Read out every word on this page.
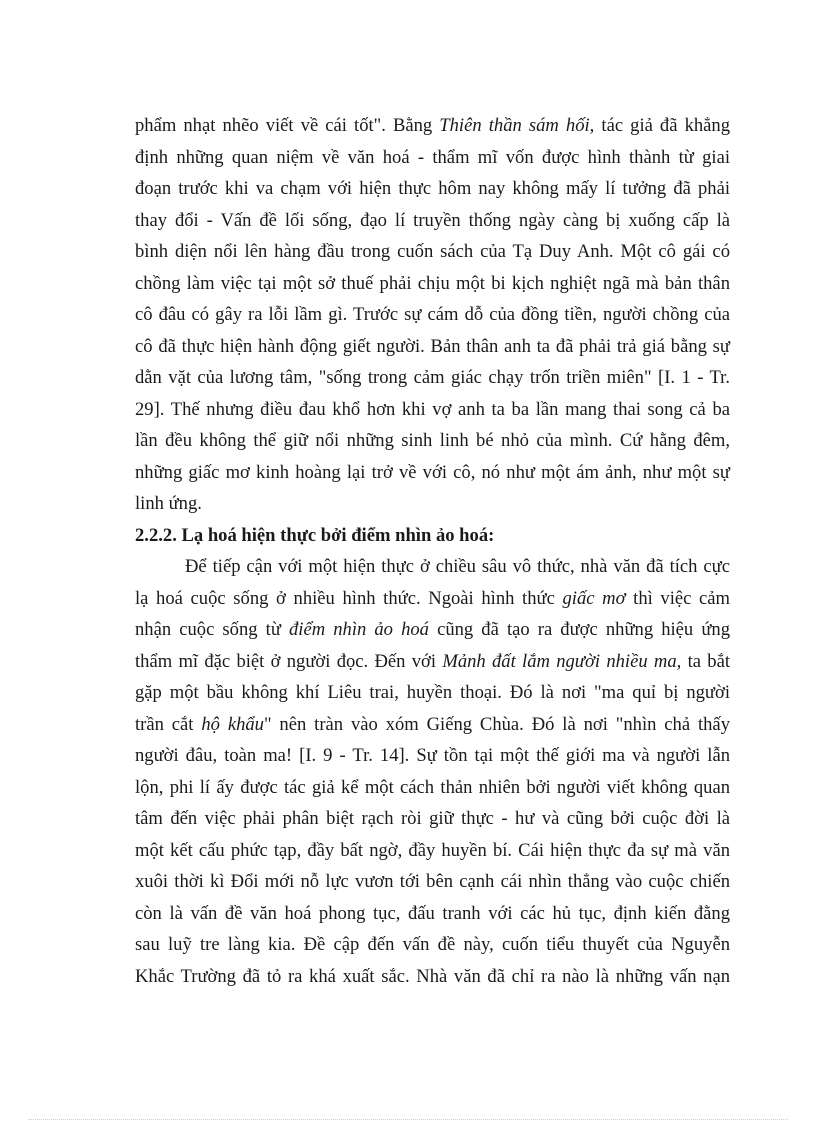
phẩm nhạt nhẽo viết về cái tốt". Bằng Thiên thần sám hối, tác giả đã khẳng
định những quan niệm về văn hoá - thẩm mĩ vốn được hình thành từ giai
đoạn trước khi va chạm với hiện thực hôm nay không mấy lí tưởng đã phải
thay đổi - Vấn đề lối sống, đạo lí truyền thống ngày càng bị xuống cấp là
bình diện nổi lên hàng đầu trong cuốn sách của Tạ Duy Anh. Một cô gái có
chồng làm việc tại một sở thuế phải chịu một bi kịch nghiệt ngã mà bản thân
cô đâu có gây ra lỗi lầm gì. Trước sự cám dỗ của đồng tiền, người chồng của
cô đã thực hiện hành động giết người. Bản thân anh ta đã phải trả giá bằng sự
dằn vặt của lương tâm, "sống trong cảm giác chạy trốn triền miên" [I. 1 - Tr.
29]. Thế nhưng điều đau khổ hơn khi vợ anh ta ba lần mang thai song cả ba
lần đều không thể giữ nổi những sinh linh bé nhỏ của mình. Cứ hằng đêm,
những giấc mơ kinh hoàng lại trở về với cô, nó như một ám ảnh, như một sự
linh ứng.
2.2.2. Lạ hoá hiện thực bởi điểm nhìn ảo hoá:
Để tiếp cận với một hiện thực ở chiều sâu vô thức, nhà văn đã tích cực
lạ hoá cuộc sống ở nhiều hình thức. Ngoài hình thức giấc mơ thì việc cảm
nhận cuộc sống từ điểm nhìn ảo hoá cũng đã tạo ra được những hiệu ứng
thẩm mĩ đặc biệt ở người đọc. Đến với Mảnh đất lắm người nhiều ma, ta bắt
gặp một bầu không khí Liêu trai, huyền thoại. Đó là nơi "ma quỉ bị người
trần cắt hộ khẩu" nên tràn vào xóm Giếng Chùa. Đó là nơi "nhìn chả thấy
người đâu, toàn ma! [I. 9 - Tr. 14]. Sự tồn tại một thế giới ma và người lẫn
lộn, phi lí ấy được tác giả kể một cách thản nhiên bởi người viết không quan
tâm đến việc phải phân biệt rạch ròi giữ thực - hư và cũng bởi cuộc đời là
một kết cấu phức tạp, đầy bất ngờ, đầy huyền bí. Cái hiện thực đa sự mà văn
xuôi thời kì Đổi mới nỗ lực vươn tới bên cạnh cái nhìn thẳng vào cuộc chiến
còn là vấn đề văn hoá phong tục, đấu tranh với các hủ tục, định kiến đằng
sau luỹ tre làng kia. Đề cập đến vấn đề này, cuốn tiểu thuyết của Nguyễn
Khắc Trường đã tỏ ra khá xuất sắc. Nhà văn đã chỉ ra nào là những vấn nạn
